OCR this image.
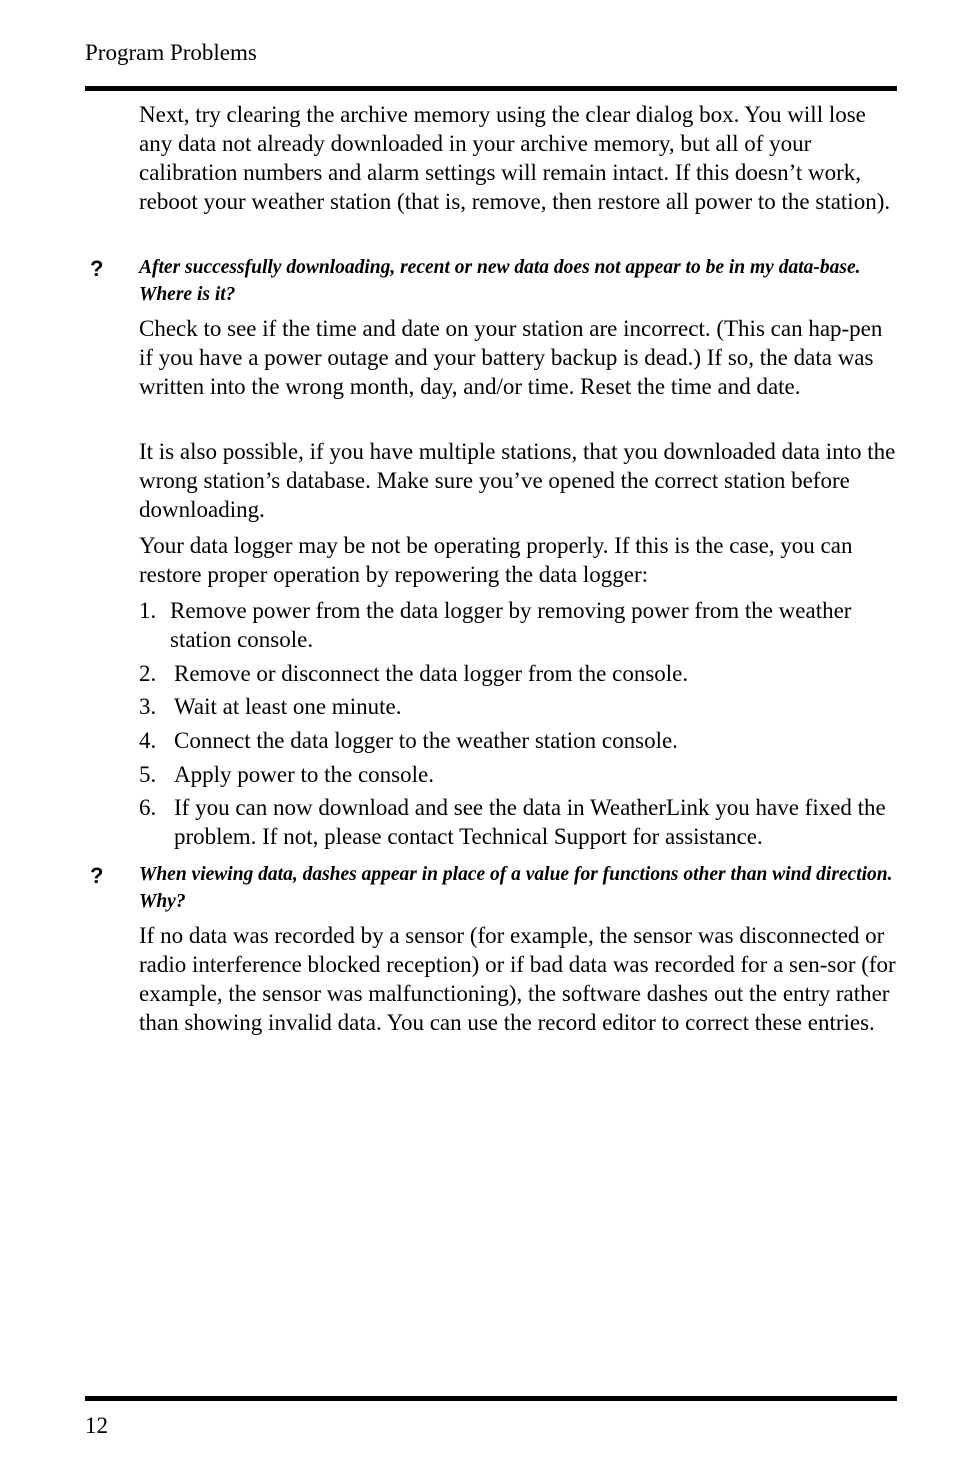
Program Problems

Next, try clearing the archive memory using the clear dialog box. You will lose any data not already downloaded in your archive memory, but all of your calibration numbers and alarm settings will remain intact. If this doesn’t work, reboot your weather station (that is, remove, then restore all power to the station).

? After successfully downloading, recent or new data does not appear to be in my data-base. Where is it?

Check to see if the time and date on your station are incorrect. (This can hap-pen if you have a power outage and your battery backup is dead.) If so, the data was written into the wrong month, day, and/or time. Reset the time and date.

It is also possible, if you have multiple stations, that you downloaded data into the wrong station’s database. Make sure you’ve opened the correct station before downloading.

Your data logger may be not be operating properly. If this is the case, you can restore proper operation by repowering the data logger:

1. Remove power from the data logger by removing power from the weather station console.

2. Remove or disconnect the data logger from the console.

3. Wait at least one minute.

4. Connect the data logger to the weather station console.

5. Apply power to the console.

6. If you can now download and see the data in WeatherLink you have fixed the problem. If not, please contact Technical Support for assistance.

? When viewing data, dashes appear in place of a value for functions other than wind direction. Why?

If no data was recorded by a sensor (for example, the sensor was disconnected or radio interference blocked reception) or if bad data was recorded for a sen-sor (for example, the sensor was malfunctioning), the software dashes out the entry rather than showing invalid data. You can use the record editor to correct these entries.

12
